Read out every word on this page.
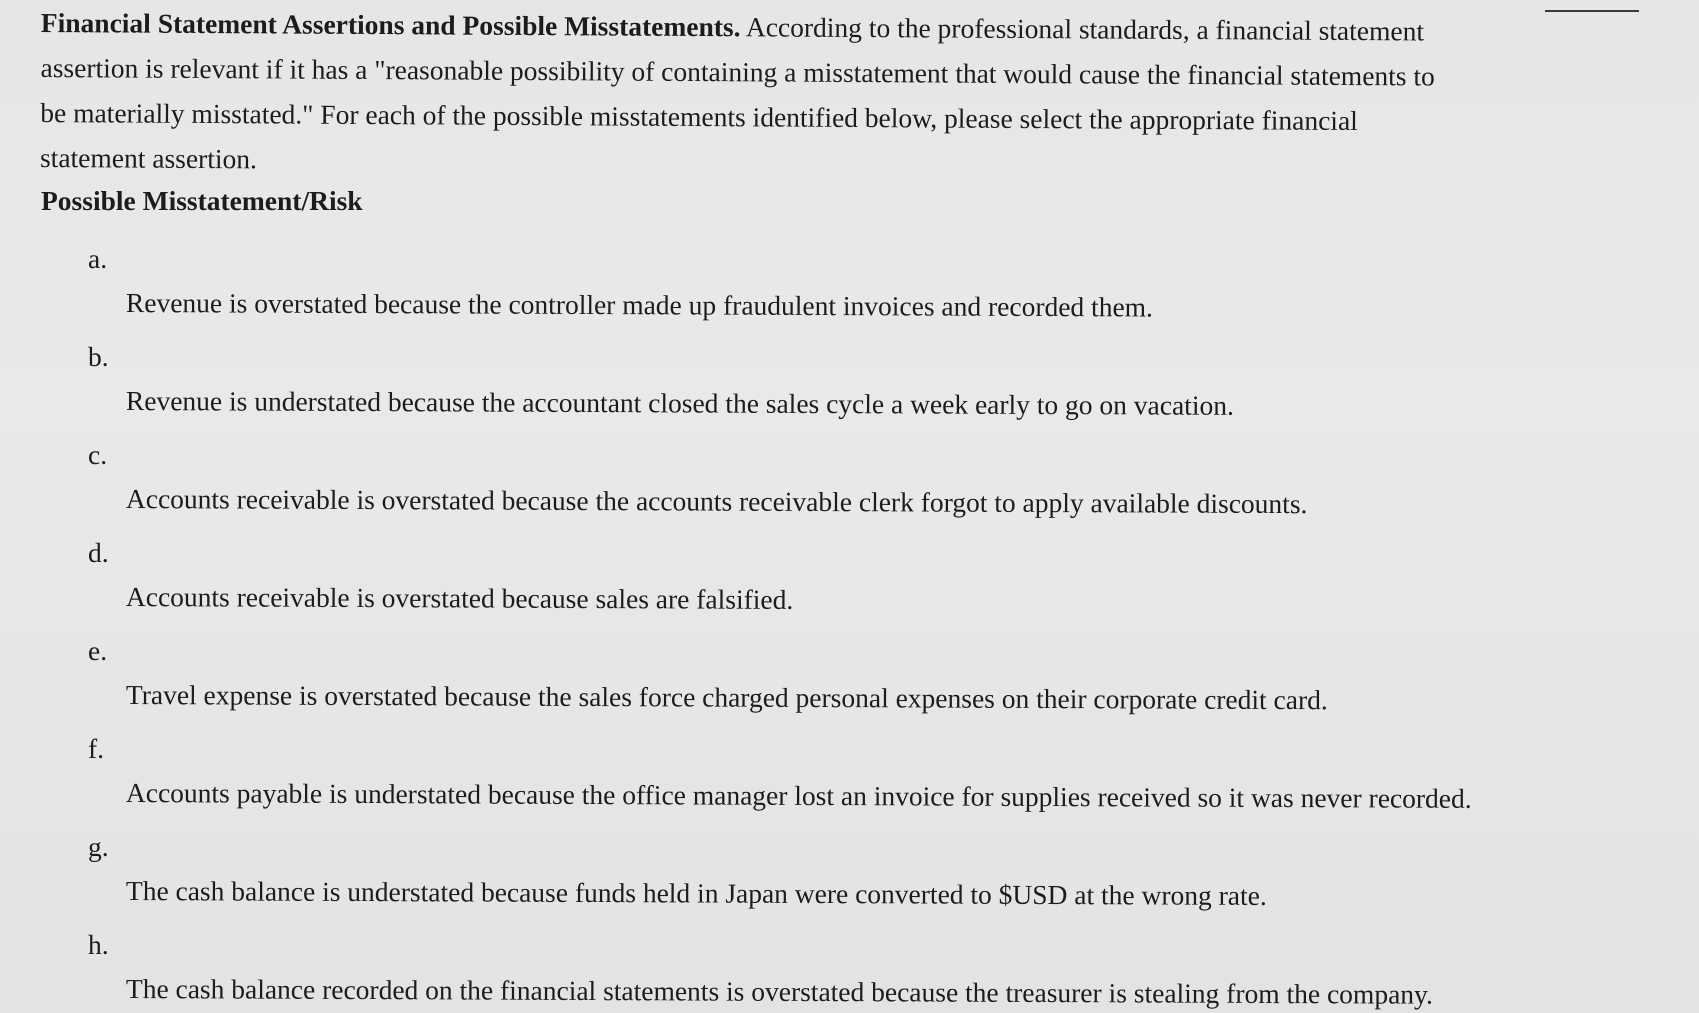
Financial Statement Assertions and Possible Misstatements. According to the professional standards, a financial statement
assertion is relevant if it has a "reasonable possibility of containing a misstatement that would cause the financial statements to
be materially misstated." For each of the possible misstatements identified below, please select the appropriate financial
statement assertion.
Possible Misstatement/Risk
a.
Revenue is overstated because the controller made up fraudulent invoices and recorded them.
b.
Revenue is understated because the accountant closed the sales cycle a week early to go on vacation.
c.
Accounts receivable is overstated because the accounts receivable clerk forgot to apply available discounts.
d.
Accounts receivable is overstated because sales are falsified.
e.
Travel expense is overstated because the sales force charged personal expenses on their corporate credit card.
f.
Accounts payable is understated because the office manager lost an invoice for supplies received so it was never recorded.
g.
The cash balance is understated because funds held in Japan were converted to $USD at the wrong rate.
h.
The cash balance recorded on the financial statements is overstated because the treasurer is stealing from the company.
